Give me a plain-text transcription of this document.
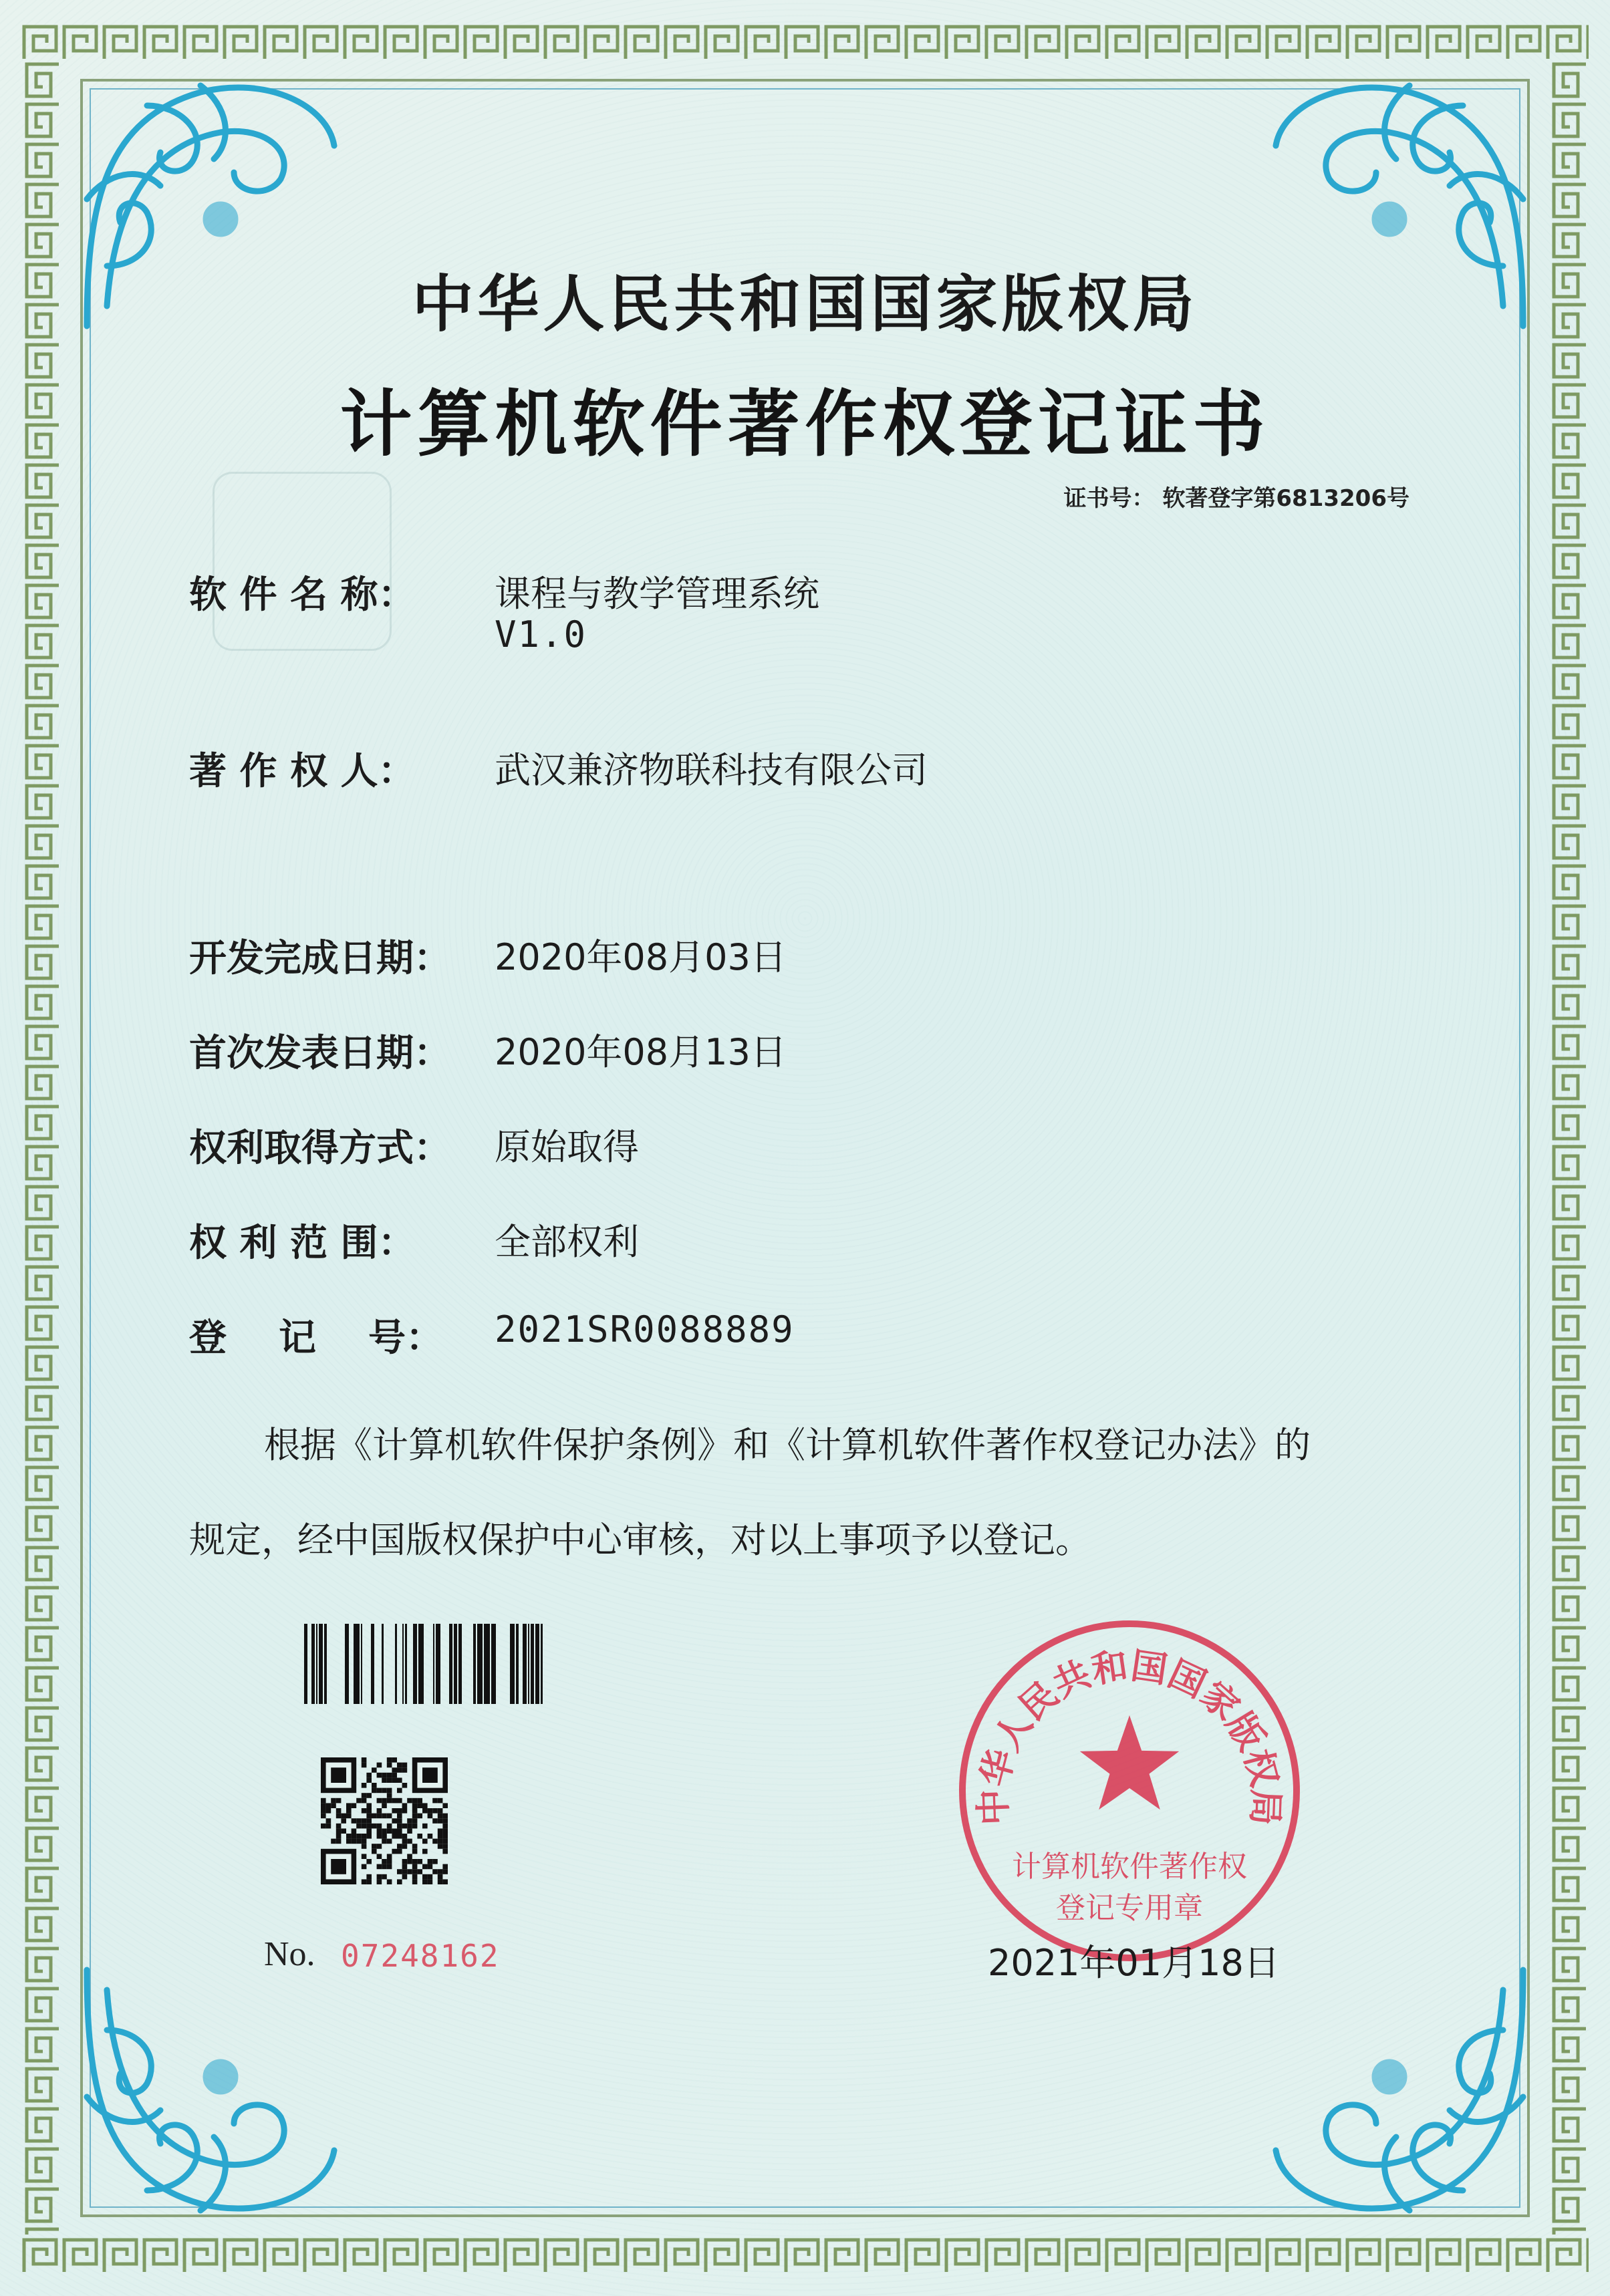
中华人民共和国国家版权局
计算机软件著作权登记证书
证书号： 软著登字第6813206号
软 件 名 称： 课程与教学管理系统
V1.0
著 作 权 人： 武汉兼济物联科技有限公司
开发完成日期： 2020年08月03日
首次发表日期： 2020年08月13日
权利取得方式： 原始取得
权 利 范 围： 全部权利
登    记    号： 2021SR0088889
根据《计算机软件保护条例》和《计算机软件著作权登记办法》的
规定，经中国版权保护中心审核，对以上事项予以登记。
No. 07248162
中华人民共和国国家版权局
计算机软件著作权
登记专用章
2021年01月18日
